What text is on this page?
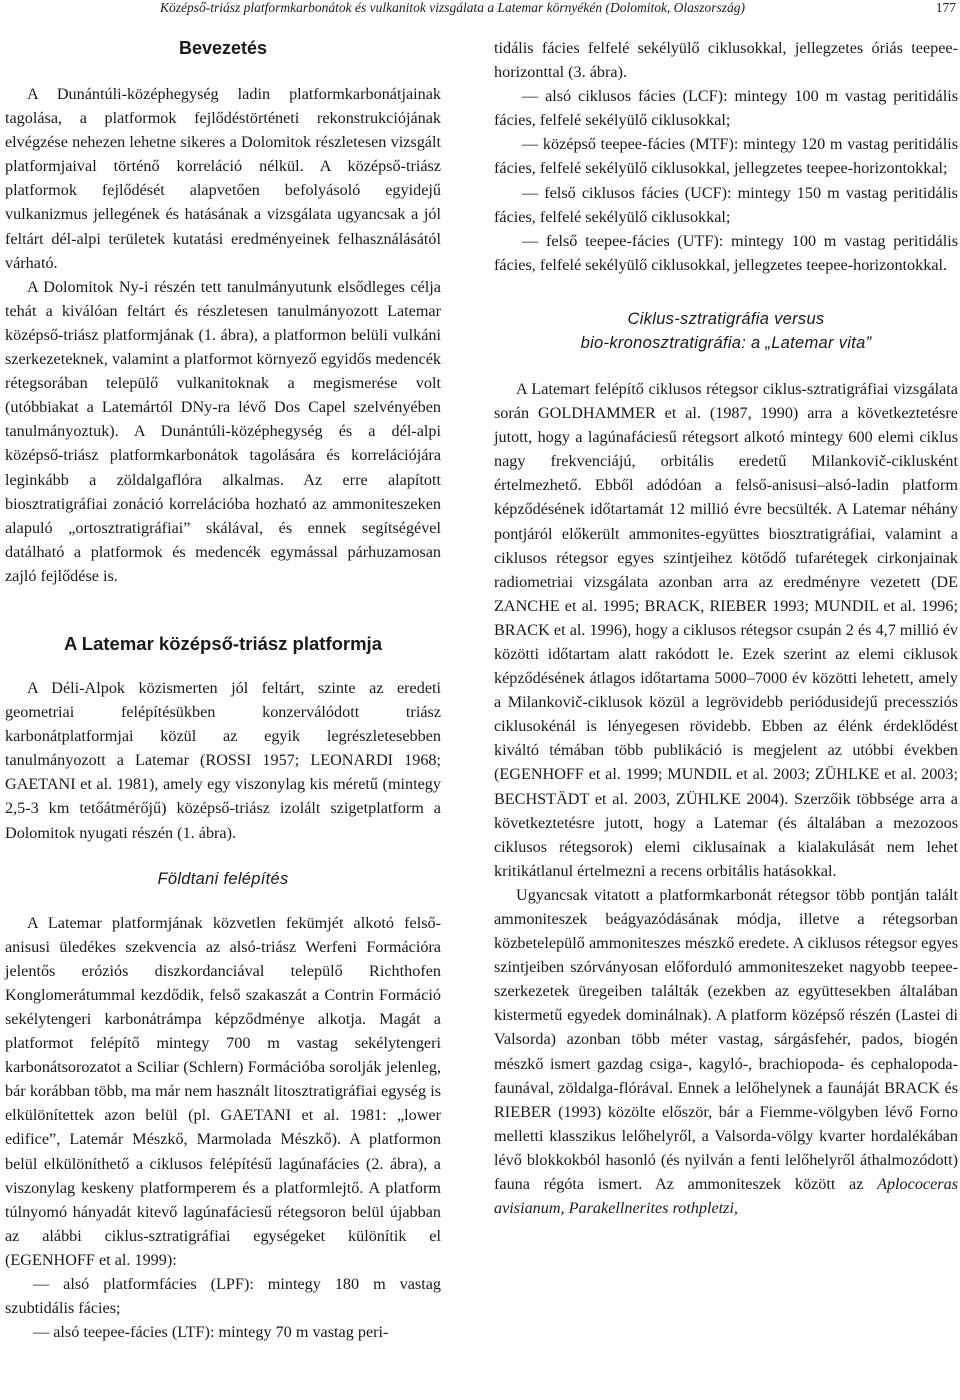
Középső-triász platformkarbonátok és vulkanitok vizsgálata a Latemar környékén (Dolomitok, Olaszország)	177
Bevezetés

A Dunántúli-középhegység ladin platformkarbonátjainak tagolása, a platformok fejlődéstörténeti rekonstrukciójának elvégzése nehezen lehetne sikeres a Dolomitok részletesen vizsgált platformjaival történő korreláció nélkül. A középső-triász platformok fejlődését alapvetően befolyásoló egyidejű vulkanizmus jellegének és hatásának a vizsgálata ugyancsak a jól feltárt dél-alpi területek kutatási eredményeinek felhasználásától várható.

A Dolomitok Ny-i részén tett tanulmányutunk elsődleges célja tehát a kiválóan feltárt és részletesen tanulmányozott Latemar középső-triász platformjának (1. ábra), a platformon belüli vulkáni szerkezeteknek, valamint a platformot környező egyidős medencék rétegsorában települő vulkanitoknak a megismerése volt (utóbbiakat a Latemártól DNy-ra lévő Dos Capel szelvényében tanulmányoztuk). A Dunántúli-középhegység és a dél-alpi középső-triász platformkarbonátok tagolására és korrelációjára leginkább a zöldalgaflóra alkalmas. Az erre alapított biosztratigráfiai zonáció korrelációba hozható az ammoniteszeken alapuló „ortosztratigráfiai” skálával, és ennek segítségével datálható a platformok és medencék egymással párhuzamosan zajló fejlődése is.

A Latemar középső-triász platformja

A Déli-Alpok közismerten jól feltárt, szinte az eredeti geometriai felépítésükben konzerválódott triász karbonátplatformjai közül az egyik legrészletesebben tanulmányozott a Latemar (ROSSI 1957; LEONARDI 1968; GAETANI et al. 1981), amely egy viszonylag kis méretű (mintegy 2,5-3 km tetőátmérőjű) középső-triász izolált szigetplatform a Dolomitok nyugati részén (1. ábra).

Földtani felépítés

A Latemar platformjának közvetlen fekümjét alkotó felső-anisusi üledékes szekvencia az alsó-triász Werfeni Formációra jelentős eróziós diszkordanciával települő Richthofen Konglomerátummal kezdődik, felső szakaszát a Contrin Formáció sekélytengeri karbonátrámpa képződménye alkotja. Magát a platformot felépítő mintegy 700 m vastag sekélytengeri karbonátsorozatot a Sciliar (Schlern) Formációba sorolják jelenleg, bár korábban több, ma már nem használt litosztratigráfiai egység is elkülönítettek azon belül (pl. GAETANI et al. 1981: „lower edifice”, Latemár Mészkő, Marmolada Mészkő). A platformon belül elkülöníthető a ciklusos felépítésű lagúnafácies (2. ábra), a viszonylag keskeny platformperem és a platformlejtő. A platform túlnyomó hányadát kitevő lagúnafáciesű rétegsoron belül újabban az alábbi ciklus-sztratigráfiai egységeket különítik el (EGENHOFF et al. 1999):

— alsó platformfácies (LPF): mintegy 180 m vastag szubtidális fácies;

— alsó teepee-fácies (LTF): mintegy 70 m vastag peri-

tidális fácies felfelé sekélyülő ciklusokkal, jellegzetes óriás teepee-horizonttal (3. ábra).

— alsó ciklusos fácies (LCF): mintegy 100 m vastag peritidális fácies, felfelé sekélyülő ciklusokkal;

— középső teepee-fácies (MTF): mintegy 120 m vastag peritidális fácies, felfelé sekélyülő ciklusokkal, jellegzetes teepee-horizontokkal;

— felső ciklusos fácies (UCF): mintegy 150 m vastag peritidális fácies, felfelé sekélyülő ciklusokkal;

— felső teepee-fácies (UTF): mintegy 100 m vastag peritidális fácies, felfelé sekélyülő ciklusokkal, jellegzetes teepee-horizontokkal.

Ciklus-sztratigráfia versus
bio-kronosztratigráfia: a „Latemar vita”

A Latemart felépítő ciklusos rétegsor ciklus-sztratigráfiai vizsgálata során GOLDHAMMER et al. (1987, 1990) arra a következtetésre jutott, hogy a lagúnafáciesű rétegsort alkotó mintegy 600 elemi ciklus nagy frekvenciájú, orbitális eredetű Milankovič-ciklusként értelmezhető. Ebből adódóan a felső-anisusi–alsó-ladin platform képződésének időtartamát 12 millió évre becsülték. A Latemar néhány pontjáról előkerült ammonites-együttes biosztratigráfiai, valamint a ciklusos rétegsor egyes szintjeihez kötődő tufarétegek cirkonjainak radiometriai vizsgálata azonban arra az eredményre vezetett (DE ZANCHE et al. 1995; BRACK, RIEBER 1993; MUNDIL et al. 1996; BRACK et al. 1996), hogy a ciklusos rétegsor csupán 2 és 4,7 millió év közötti időtartam alatt rakódott le. Ezek szerint az elemi ciklusok képződésének átlagos időtartama 5000–7000 év közötti lehetett, amely a Milankovič-ciklusok közül a legrövidebb periódusidejű precessziós ciklusokénál is lényegesen rövidebb. Ebben az élénk érdeklődést kiváltó témában több publikáció is megjelent az utóbbi években (EGENHOFF et al. 1999; MUNDIL et al. 2003; ZÜHLKE et al. 2003; BECHSTÄDT et al. 2003, ZÜHLKE 2004). Szerzőik többsége arra a következtetésre jutott, hogy a Latemar (és általában a mezozoos ciklusos rétegsorok) elemi ciklusainak a kialakulását nem lehet kritikátlanul értelmezni a recens orbitális hatásokkal.

Ugyancsak vitatott a platformkarbonát rétegsor több pontján talált ammoniteszek beágyazódásának módja, illetve a rétegsorban közbetelepülő ammoniteszes mészkő eredete. A ciklusos rétegsor egyes szintjeiben szórványosan előforduló ammoniteszeket nagyobb teepee-szerkezetek üregeiben találták (ezekben az együttesekben általában kistermetű egyedek dominálnak). A platform középső részén (Lastei di Valsorda) azonban több méter vastag, sárgásfehér, pados, biogén mészkő ismert gazdag csiga-, kagyló-, brachiopoda- és cephalopoda-faunával, zöldalga-flórával. Ennek a lelőhelynek a faunáját BRACK és RIEBER (1993) közölte először, bár a Fiemme-völgyben lévő Forno melletti klasszikus lelőhelyről, a Valsorda-völgy kvarter hordalékában lévő blokkokból hasonló (és nyilván a fenti lelőhelyről áthalmozódott) fauna régóta ismert. Az ammoniteszek között az Aplococeras avisianum, Parakellnerites rothpletzi,
